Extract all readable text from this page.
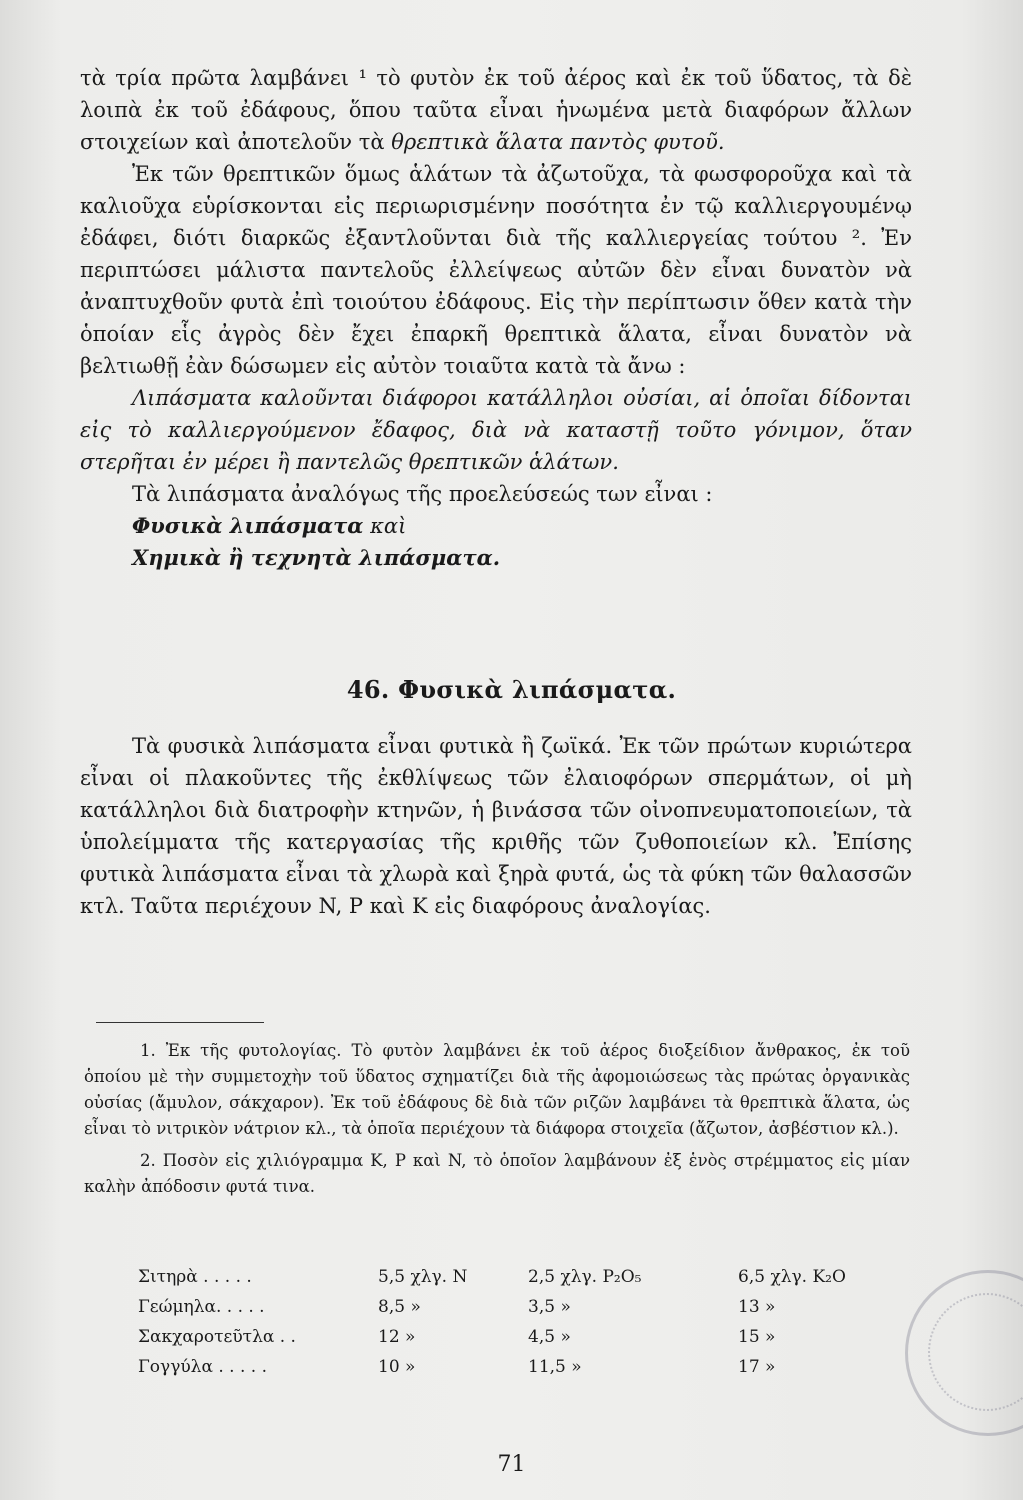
τὰ τρία πρῶτα λαμβάνει ¹ τὸ φυτὸν ἐκ τοῦ ἀέρος καὶ ἐκ τοῦ ὕδατος, τὰ δὲ λοιπὰ ἐκ τοῦ ἐδάφους, ὅπου ταῦτα εἶναι ἡνωμένα μετὰ διαφόρων ἄλλων στοιχείων καὶ ἀποτελοῦν τὰ θρεπτικὰ ἅλατα παντὸς φυτοῦ.

Ἐκ τῶν θρεπτικῶν ὅμως ἁλάτων τὰ ἀζωτοῦχα, τὰ φωσφοροῦχα καὶ τὰ καλιοῦχα εὑρίσκονται εἰς περιωρισμένην ποσότητα ἐν τῷ καλλιεργουμένῳ ἐδάφει, διότι διαρκῶς ἐξαντλοῦνται διὰ τῆς καλλιεργείας τούτου ². Ἐν περιπτώσει μάλιστα παντελοῦς ἐλλείψεως αὐτῶν δὲν εἶναι δυνατὸν νὰ ἀναπτυχθοῦν φυτὰ ἐπὶ τοιούτου ἐδάφους. Εἰς τὴν περίπτωσιν ὅθεν κατὰ τὴν ὁποίαν εἷς ἀγρὸς δὲν ἔχει ἐπαρκῆ θρεπτικὰ ἅλατα, εἶναι δυνατὸν νὰ βελτιωθῇ ἐὰν δώσωμεν εἰς αὐτὸν τοιαῦτα κατὰ τὰ ἄνω :

Λιπάσματα καλοῦνται διάφοροι κατάλληλοι οὐσίαι, αἱ ὁποῖαι δίδονται εἰς τὸ καλλιεργούμενον ἔδαφος, διὰ νὰ καταστῇ τοῦτο γόνιμον, ὅταν στερῆται ἐν μέρει ἢ παντελῶς θρεπτικῶν ἁλάτων.

Τὰ λιπάσματα ἀναλόγως τῆς προελεύσεώς των εἶναι :

Φυσικὰ λιπάσματα καὶ
Χημικὰ ἢ τεχνητὰ λιπάσματα.
46. Φυσικὰ λιπάσματα.

Τὰ φυσικὰ λιπάσματα εἶναι φυτικὰ ἢ ζωϊκά. Ἐκ τῶν πρώτων κυριώτερα εἶναι οἱ πλακοῦντες τῆς ἐκθλίψεως τῶν ἐλαιοφόρων σπερμάτων, οἱ μὴ κατάλληλοι διὰ διατροφὴν κτηνῶν, ἡ βινάσσα τῶν οἰνοπνευματοποιείων, τὰ ὑπολείμματα τῆς κατεργασίας τῆς κριθῆς τῶν ζυθοποιείων κλ. Ἐπίσης φυτικὰ λιπάσματα εἶναι τὰ χλωρὰ καὶ ξηρὰ φυτά, ὡς τὰ φύκη τῶν θαλασσῶν κτλ. Ταῦτα περιέχουν N, P καὶ K εἰς διαφόρους ἀναλογίας.

1. Ἐκ τῆς φυτολογίας. Τὸ φυτὸν λαμβάνει ἐκ τοῦ ἀέρος διοξείδιον ἄνθρακος, ἐκ τοῦ ὁποίου μὲ τὴν συμμετοχὴν τοῦ ὕδατος σχηματίζει διὰ τῆς ἀφομοιώσεως τὰς πρώτας ὀργανικὰς οὐσίας (ἄμυλον, σάκχαρον). Ἐκ τοῦ ἐδάφους δὲ διὰ τῶν ριζῶν λαμβάνει τὰ θρεπτικὰ ἅλατα, ὡς εἶναι τὸ νιτρικὸν νάτριον κλ., τὰ ὁποῖα περιέχουν τὰ διάφορα στοιχεῖα (ἄζωτον, ἀσβέστιον κλ.).

2. Ποσὸν εἰς χιλιόγραμμα K, P καὶ N, τὸ ὁποῖον λαμβάνουν ἐξ ἑνὸς στρέμματος εἰς μίαν καλὴν ἀπόδοσιν φυτά τινα.

Σιτηρὰ . . . . .	5,5 χλγ. N	2,5 χλγ. P₂O₅	6,5 χλγ. K₂O
Γεώμηλα. . . . .	8,5 »	3,5 »	13 »
Σακχαροτεῦτλα . .	12 »	4,5 »	15 »
Γογγύλα . . . . .	10 »	11,5 »	17 »
71
